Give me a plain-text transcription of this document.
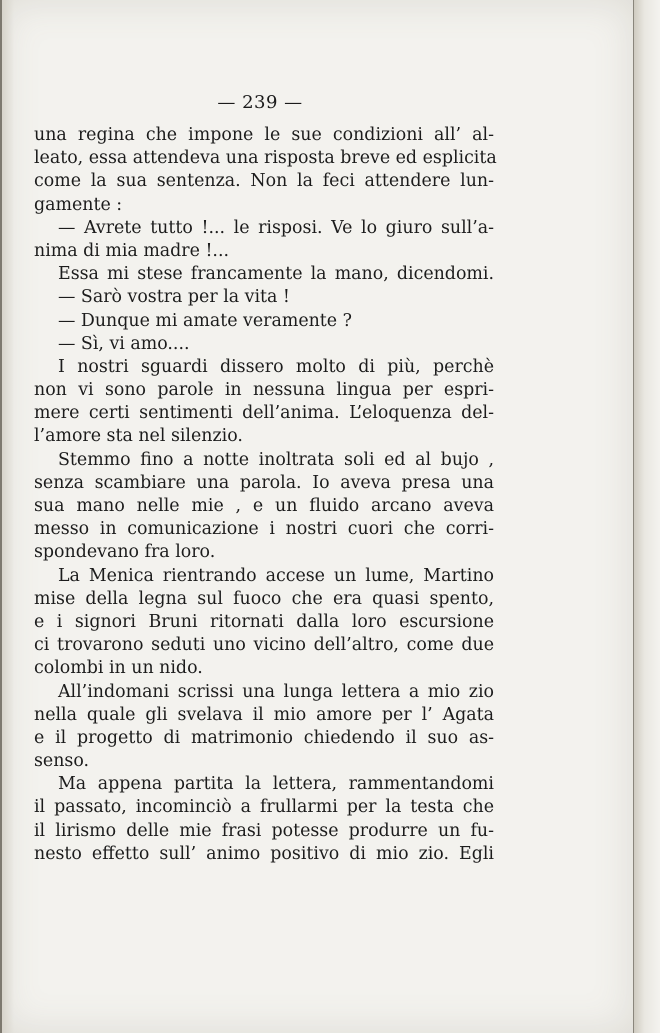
— 239 —
una regina che impone le sue condizioni all’ al-
leato, essa attendeva una risposta breve ed esplicita
come la sua sentenza. Non la feci attendere lun-
gamente :
— Avrete tutto !... le risposi. Ve lo giuro sull’a-
nima di mia madre !...
Essa mi stese francamente la mano, dicendomi.
— Sarò vostra per la vita !
— Dunque mi amate veramente ?
— Sì, vi amo....
I nostri sguardi dissero molto di più, perchè
non vi sono parole in nessuna lingua per espri-
mere certi sentimenti dell’anima. L’eloquenza del-
l’amore sta nel silenzio.
Stemmo fino a notte inoltrata soli ed al bujo ,
senza scambiare una parola. Io aveva presa una
sua mano nelle mie , e un fluido arcano aveva
messo in comunicazione i nostri cuori che corri-
spondevano fra loro.
La Menica rientrando accese un lume, Martino
mise della legna sul fuoco che era quasi spento,
e i signori Bruni ritornati dalla loro escursione
ci trovarono seduti uno vicino dell’altro, come due
colombi in un nido.
All’indomani scrissi una lunga lettera a mio zio
nella quale gli svelava il mio amore per l’ Agata
e il progetto di matrimonio chiedendo il suo as-
senso.
Ma appena partita la lettera, rammentandomi
il passato, incominciò a frullarmi per la testa che
il lirismo delle mie frasi potesse produrre un fu-
nesto effetto sull’ animo positivo di mio zio. Egli
